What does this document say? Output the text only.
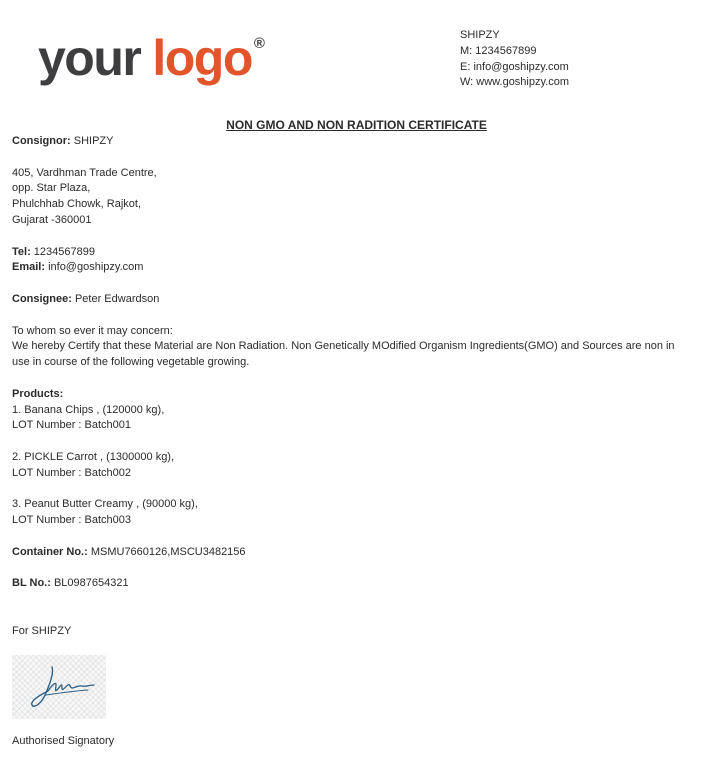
your logo ®	SHIPZY
M: 1234567899
E: info@goshipzy.com
W: www.goshipzy.com
NON GMO AND NON RADITION CERTIFICATE
Consignor: SHIPZY
405, Vardhman Trade Centre,
opp. Star Plaza,
Phulchhab Chowk, Rajkot,
Gujarat -360001
Tel: 1234567899
Email: info@goshipzy.com
Consignee: Peter Edwardson
To whom so ever it may concern:
We hereby Certify that these Material are Non Radiation. Non Genetically MOdified Organism Ingredients(GMO) and Sources are non in use in course of the following vegetable growing.
Products:
1. Banana Chips , (120000 kg),
LOT Number : Batch001
2. PICKLE Carrot , (1300000 kg),
LOT Number : Batch002
3. Peanut Butter Creamy , (90000 kg),
LOT Number : Batch003
Container No.: MSMU7660126,MSCU3482156
BL No.: BL0987654321
For SHIPZY
Authorised Signatory
